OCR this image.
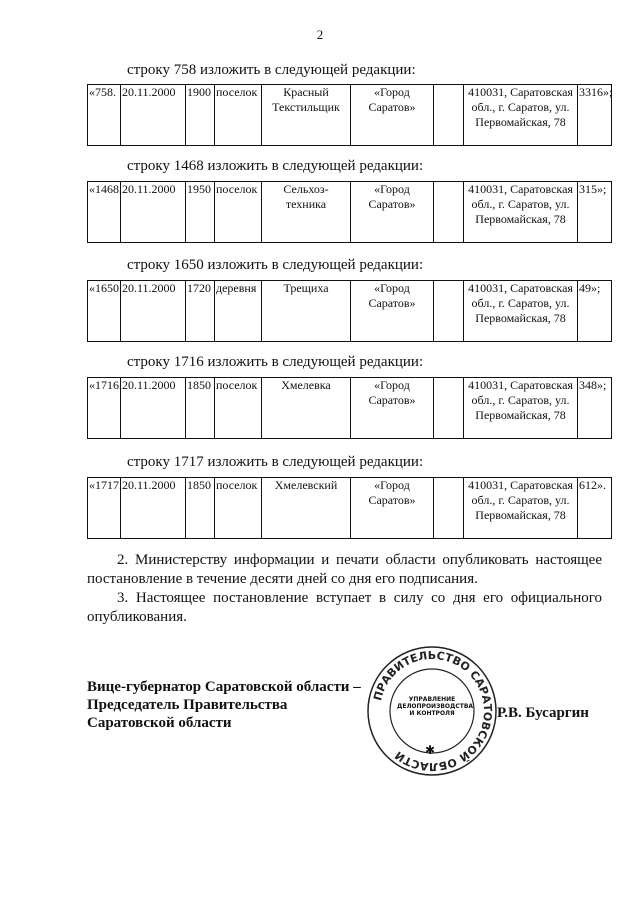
2
строку 758 изложить в следующей редакции:
«758.	20.11.2000	1900	поселок	Красный Текстильщик	«Город Саратов»		410031, Саратовская обл., г. Саратов, ул. Первомайская, 78	3316»;
строку 1468 изложить в следующей редакции:
«1468.	20.11.2000	1950	поселок	Сельхоз- техника	«Город Саратов»		410031, Саратовская обл., г. Саратов, ул. Первомайская, 78	315»;
строку 1650 изложить в следующей редакции:
«1650.	20.11.2000	1720	деревня	Трещиха	«Город Саратов»		410031, Саратовская обл., г. Саратов, ул. Первомайская, 78	49»;
строку 1716 изложить в следующей редакции:
«1716.	20.11.2000	1850	поселок	Хмелевка	«Город Саратов»		410031, Саратовская обл., г. Саратов, ул. Первомайская, 78	348»;
строку 1717 изложить в следующей редакции:
«1717.	20.11.2000	1850	поселок	Хмелевский	«Город Саратов»		410031, Саратовская обл., г. Саратов, ул. Первомайская, 78	612».
2. Министерству информации и печати области опубликовать настоящее постановление в течение десяти дней со дня его подписания.
3. Настоящее постановление вступает в силу со дня его официального опубликования.
Вице-губернатор Саратовской области –
Председатель Правительства
Саратовской области
ПРАВИТЕЛЬСТВО САРАТОВСКОЙ ОБЛАСТИ
УПРАВЛЕНИЕ
ДЕЛОПРОИЗВОДСТВА
И КОНТРОЛЯ
✱
Р.В. Бусаргин
